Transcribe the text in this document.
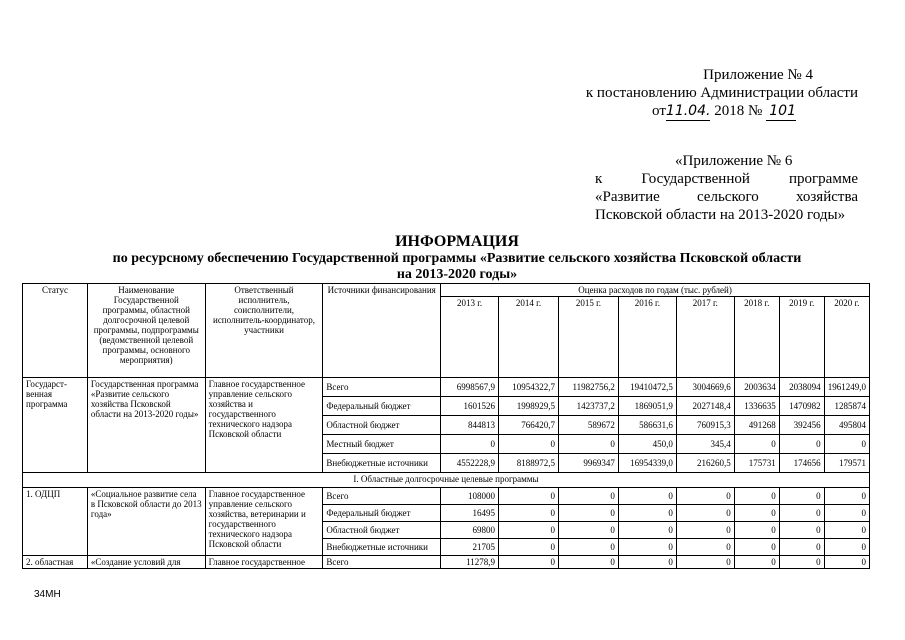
Приложение № 4
к постановлению Администрации области
от11.04. 2018 № 101
«Приложение № 6
к	Государственной	программе
«Развитие сельского хозяйства
Псковской области на 2013-2020 годы»
ИНФОРМАЦИЯ
по ресурсному обеспечению Государственной программы «Развитие сельского хозяйства Псковской области
на 2013-2020 годы»
Статус	Наименование Государственной программы, областной долгосрочной целевой программы, подпрограммы (ведомственной целевой программы, основного мероприятия)	Ответственный исполнитель, соисполнители, исполнитель-координатор, участники	Источники финансирования	Оценка расходов по годам (тыс. рублей)							
				2013 г.	2014 г.	2015 г.	2016 г.	2017 г.	2018 г.	2019 г.	2020 г.
Государст-венная программа	Государственная программа «Развитие сельского хозяйства Псковской области на 2013-2020 годы»	Главное государственное управление сельского хозяйства и государственного технического надзора Псковской области	Всего	6998567,9	10954322,7	11982756,2	19410472,5	3004669,6	2003634	2038094	1961249,0
			Федеральный бюджет	1601526	1998929,5	1423737,2	1869051,9	2027148,4	1336635	1470982	1285874
			Областной бюджет	844813	766420,7	589672	586631,6	760915,3	491268	392456	495804
			Местный бюджет	0	0	0	450,0	345,4	0	0	0
			Внебюджетные источники	4552228,9	8188972,5	9969347	16954339,0	216260,5	175731	174656	179571
I. Областные долгосрочные целевые программы											
1. ОДЦП	«Социальное развитие села в Псковской области до 2013 года»	Главное государственное управление сельского хозяйства, ветеринарии и государственного технического надзора Псковской области	Всего	108000	0	0	0	0	0	0	0
			Федеральный бюджет	16495	0	0	0	0	0	0	0
			Областной бюджет	69800	0	0	0	0	0	0	0
			Внебюджетные источники	21705	0	0	0	0	0	0	0
2. областная	«Создание условий для	Главное государственное	Всего	11278,9	0	0	0	0	0	0	0
34МН
